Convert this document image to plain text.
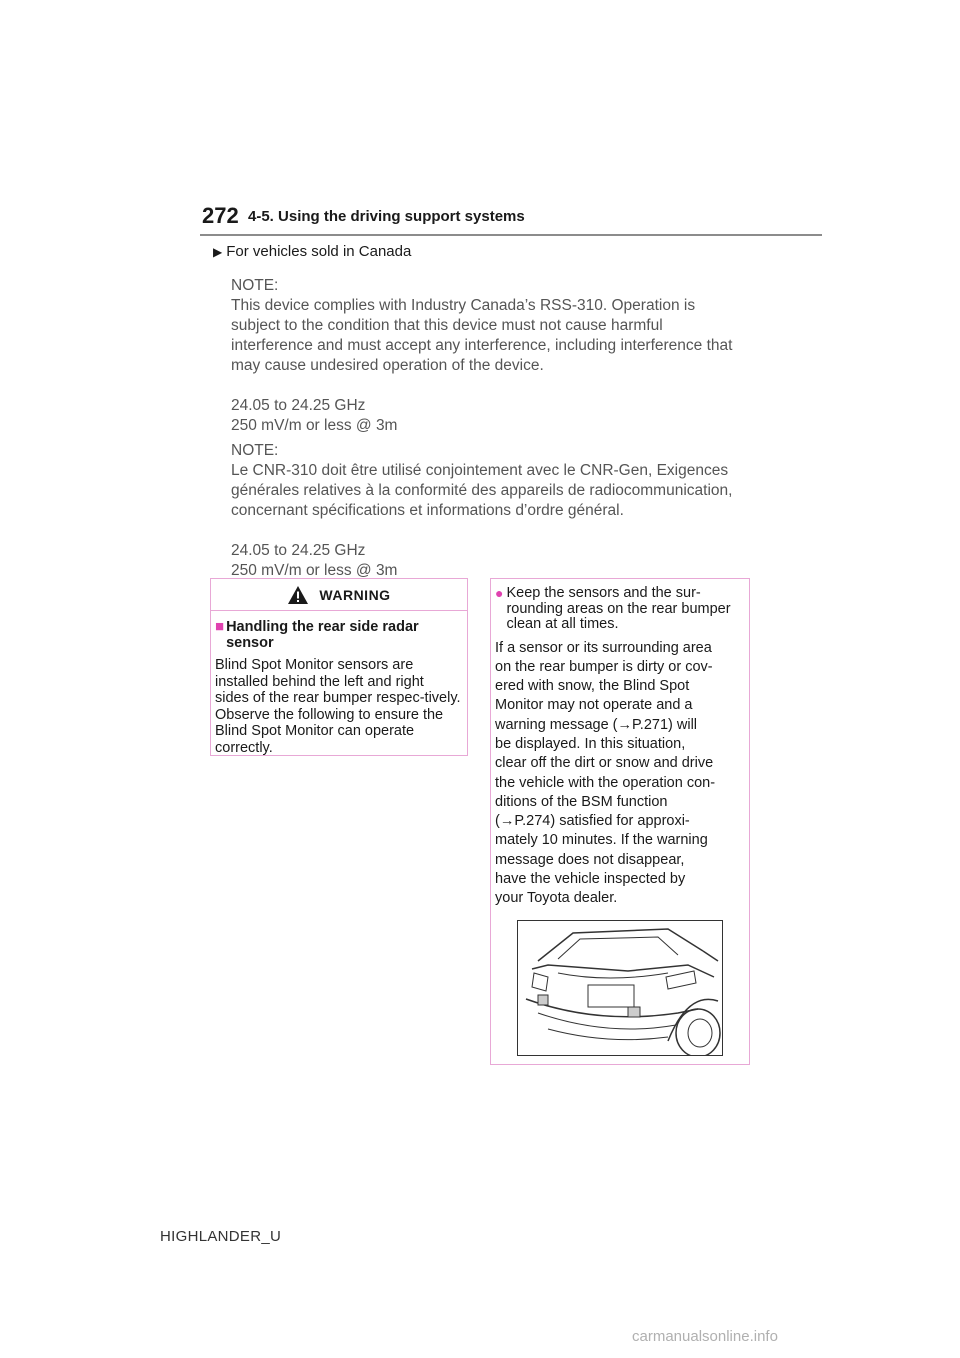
272 4-5. Using the driving support systems
▶ For vehicles sold in Canada
NOTE:
This device complies with Industry Canada’s RSS-310. Operation is
subject to the condition that this device must not cause harmful
interference and must accept any interference, including interference that
may cause undesired operation of the device.
24.05 to 24.25 GHz
250 mV/m or less @ 3m
NOTE:
Le CNR-310 doit être utilisé conjointement avec le CNR-Gen, Exigences
générales relatives à la conformité des appareils de radiocommunication,
concernant spécifications et informations d’ordre général.
24.05 to 24.25 GHz
250 mV/m or less @ 3m
WARNING
■ Handling the rear side radar sensor
Blind Spot Monitor sensors are installed behind the left and right sides of the rear bumper respec-tively. Observe the following to ensure the Blind Spot Monitor can operate correctly.
● Keep the sensors and the sur-rounding areas on the rear bumper clean at all times.
If a sensor or its surrounding area
on the rear bumper is dirty or cov-
ered with snow, the Blind Spot
Monitor may not operate and a
warning message (→P.271) will
be displayed. In this situation,
clear off the dirt or snow and drive
the vehicle with the operation con-
ditions of the BSM function
(→P.274) satisfied for approxi-
mately 10 minutes. If the warning
message does not disappear,
have the vehicle inspected by
your Toyota dealer.
HIGHLANDER_U
carmanualsonline.info
